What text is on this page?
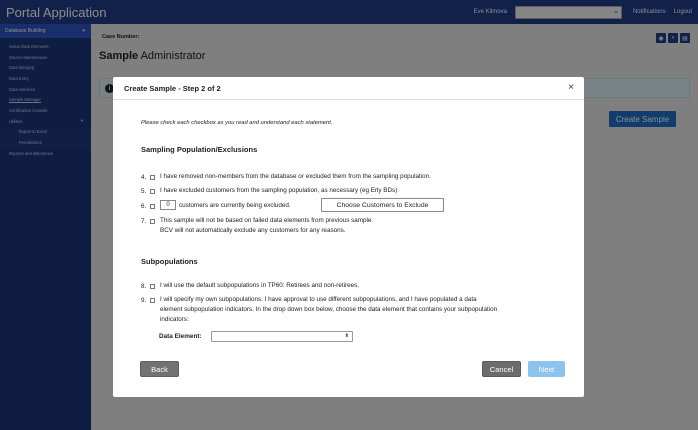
Portal Application	Eve Klimova	⌄ Notifications Logout
Database Building	▾
Setup Data Elements
Source Maintenance
Data Merging
Data Entry
Data Services
Sample Manager
Certification Console
Utilities	▾
Export to Excel
Permissions
Reports and Milestones
Case Number:	◉	⌕	▤
Sample Administrator
i
Create Sample
Create Sample - Step 2 of 2	×
Please check each checkbox as you read and understand each statement.
Sampling Population/Exclusions
4.	I have removed non-members from the database or excluded them from the sampling population.
5.	I have excluded customers from the sampling population, as necessary (eg Erly BDs)
6.	0	customers are currently being excluded.	Choose Customers to Exclude
7.	This sample will not be based on failed data elements from previous sample.
BCV will not automatically exclude any customers for any reasons.
Subpopulations
8.	I will use the default subpopulations in TP60: Retirees and non-retirees.
9.	I will specify my own subpopulations. I have approval to use different subpopulations, and I have populated a data
element subpopulation indicators. In the drop down box below, choose the data element that contains your subpopulation
indicators:
Data Element:	⬍
Back	Cancel	Next
